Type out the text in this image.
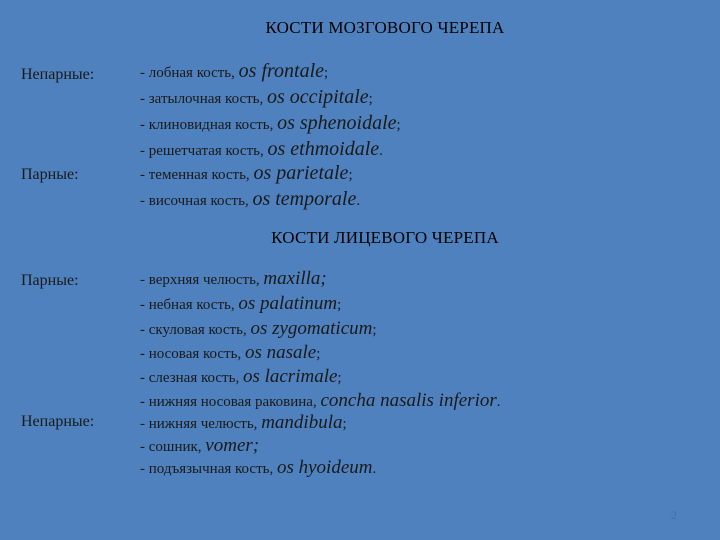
КОСТИ МОЗГОВОГО ЧЕРЕПА
Непарные:
Парные:
- лобная кость, os frontale;
- затылочная кость, os occipitale;
- клиновидная кость, os sphenoidale;
- решетчатая кость, os ethmoidale.
- теменная кость, os parietale;
- височная кость, os temporale.
КОСТИ ЛИЦЕВОГО ЧЕРЕПА
Парные:
Непарные:
- верхняя челюсть, maxilla;
- небная кость, os palatinum;
- скуловая кость, os zygomaticum;
- носовая кость, os nasale;
- слезная кость, os lacrimale;
- нижняя носовая раковина, concha nasalis inferior.
- нижняя челюсть, mandibula;
- сошник, vomer;
- подъязычная кость, os hyoideum.
2
